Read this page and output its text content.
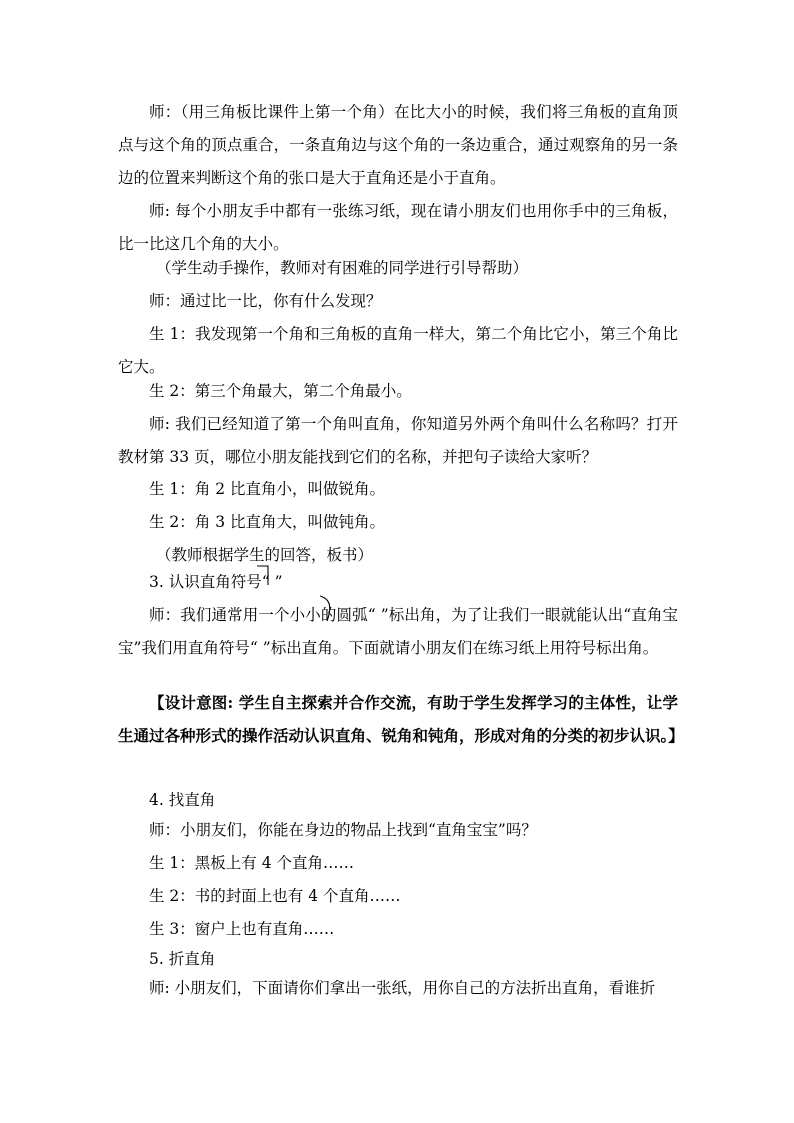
师：（用三角板比课件上第一个角）在比大小的时候，我们将三角板的直角顶点与这个角的顶点重合，一条直角边与这个角的一条边重合，通过观察角的另一条边的位置来判断这个角的张口是大于直角还是小于直角。

师: 每个小朋友手中都有一张练习纸，现在请小朋友们也用你手中的三角板，比一比这几个角的大小。

（学生动手操作，教师对有困难的同学进行引导帮助）

师：通过比一比，你有什么发现？

生 1：我发现第一个角和三角板的直角一样大，第二个角比它小，第三个角比它大。

生 2：第三个角最大，第二个角最小。

师: 我们已经知道了第一个角叫直角，你知道另外两个角叫什么名称吗？打开教材第 33 页，哪位小朋友能找到它们的名称，并把句子读给大家听？

生 1：角 2 比直角小，叫做锐角。

生 2：角 3 比直角大，叫做钝角。

（教师根据学生的回答，板书）

3. 认识直角符号“ ”

师：我们通常用一个小小的圆弧“ ”标出角，为了让我们一眼就能认出“直角宝宝”我们用直角符号“ ”标出直角。下面就请小朋友们在练习纸上用符号标出角。

【设计意图: 学生自主探索并合作交流，有助于学生发挥学习的主体性，让学生通过各种形式的操作活动认识直角、锐角和钝角，形成对角的分类的初步认识。】

4. 找直角

师：小朋友们，你能在身边的物品上找到“直角宝宝”吗？

生 1：黑板上有 4 个直角……

生 2：书的封面上也有 4 个直角……

生 3：窗户上也有直角……

5. 折直角

师: 小朋友们，下面请你们拿出一张纸，用你自己的方法折出直角，看谁折
